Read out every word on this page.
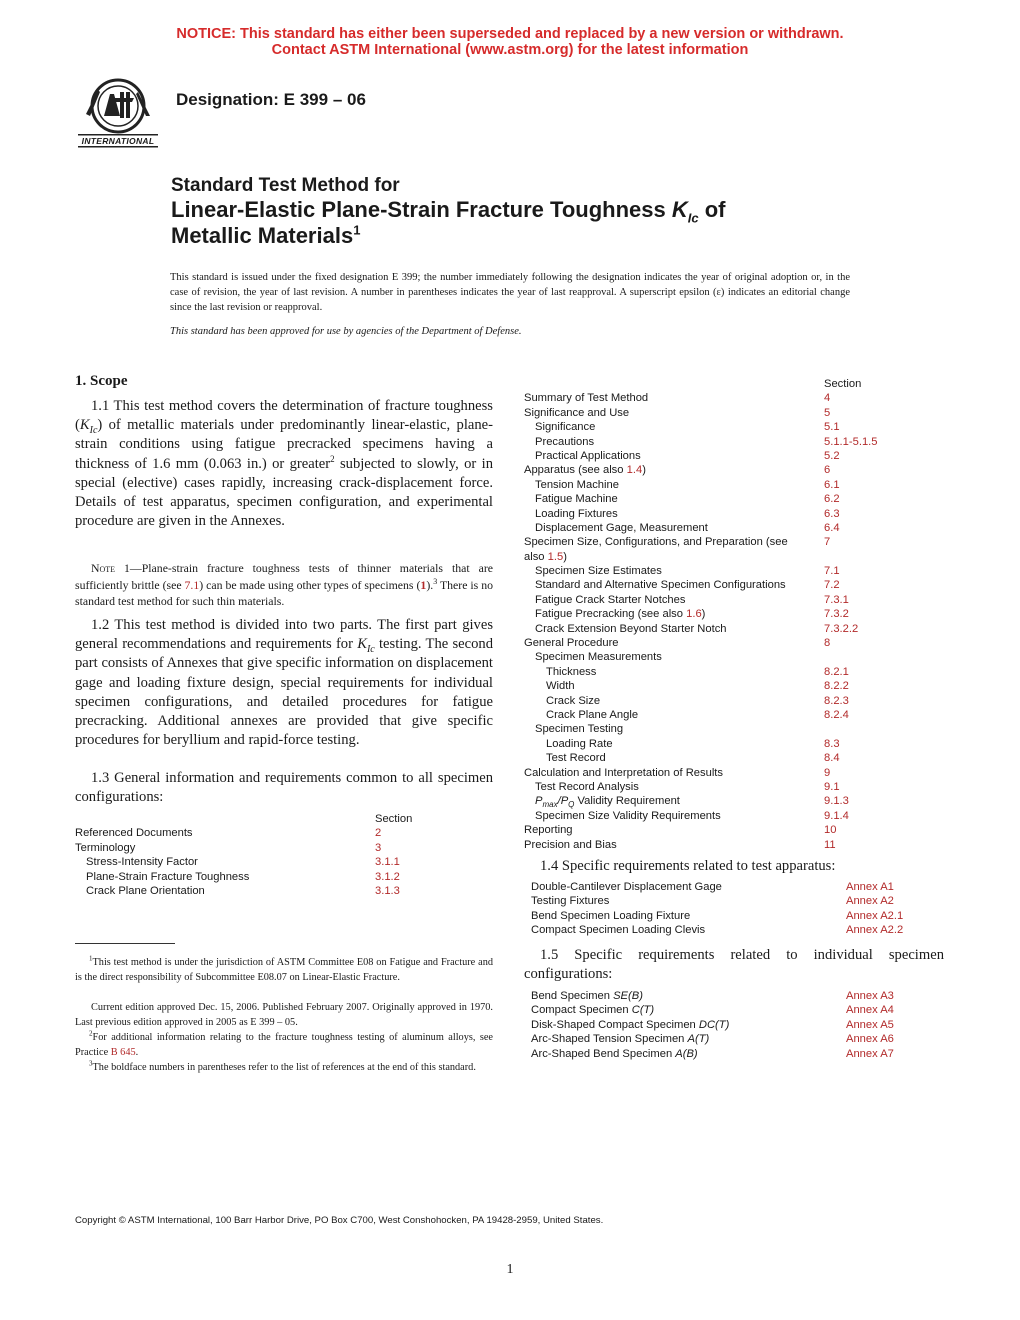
NOTICE: This standard has either been superseded and replaced by a new version or withdrawn.
Contact ASTM International (www.astm.org) for the latest information
INTERNATIONAL
Designation: E 399 – 06
Standard Test Method for
Linear-Elastic Plane-Strain Fracture Toughness $K_{Ic}$ of
Metallic Materials$^1$
This standard is issued under the fixed designation E 399; the number immediately following the designation indicates the year of original adoption or, in the case of revision, the year of last revision. A number in parentheses indicates the year of last reapproval. A superscript epsilon (ε) indicates an editorial change since the last revision or reapproval.
This standard has been approved for use by agencies of the Department of Defense.
1. Scope
1.1 This test method covers the determination of fracture toughness $(K_{Ic})$ of metallic materials under predominantly linear-elastic, plane-strain conditions using fatigue precracked specimens having a thickness of 1.6 mm (0.063 in.) or greater$^2$ subjected to slowly, or in special (elective) cases rapidly, increasing crack-displacement force. Details of test apparatus, specimen configuration, and experimental procedure are given in the Annexes.
Note 1—Plane-strain fracture toughness tests of thinner materials that are sufficiently brittle (see 7.1) can be made using other types of specimens (1).$^3$ There is no standard test method for such thin materials.
1.2 This test method is divided into two parts. The first part gives general recommendations and requirements for $K_{Ic}$ testing. The second part consists of Annexes that give specific information on displacement gage and loading fixture design, special requirements for individual specimen configurations, and detailed procedures for fatigue precracking. Additional annexes are provided that give specific procedures for beryllium and rapid-force testing.
1.3 General information and requirements common to all specimen configurations:
Section
Referenced Documents	2
Terminology	3
Stress-Intensity Factor	3.1.1
Plane-Strain Fracture Toughness	3.1.2
Crack Plane Orientation	3.1.3
$^1$This test method is under the jurisdiction of ASTM Committee E08 on Fatigue and Fracture and is the direct responsibility of Subcommittee E08.07 on Linear-Elastic Fracture.
Current edition approved Dec. 15, 2006. Published February 2007. Originally approved in 1970. Last previous edition approved in 2005 as E 399 – 05.
$^2$For additional information relating to the fracture toughness testing of aluminum alloys, see Practice B 645.
$^3$The boldface numbers in parentheses refer to the list of references at the end of this standard.
Section
Summary of Test Method	4
Significance and Use	5
Significance	5.1
Precautions	5.1.1-5.1.5
Practical Applications	5.2
Apparatus (see also 1.4)	6
Tension Machine	6.1
Fatigue Machine	6.2
Loading Fixtures	6.3
Displacement Gage, Measurement	6.4
Specimen Size, Configurations, and Preparation (see	7
also 1.5)
Specimen Size Estimates	7.1
Standard and Alternative Specimen Configurations	7.2
Fatigue Crack Starter Notches	7.3.1
Fatigue Precracking (see also 1.6)	7.3.2
Crack Extension Beyond Starter Notch	7.3.2.2
General Procedure	8
Specimen Measurements
Thickness	8.2.1
Width	8.2.2
Crack Size	8.2.3
Crack Plane Angle	8.2.4
Specimen Testing
Loading Rate	8.3
Test Record	8.4
Calculation and Interpretation of Results	9
Test Record Analysis	9.1
$P_{max}/P_Q$ Validity Requirement	9.1.3
Specimen Size Validity Requirements	9.1.4
Reporting	10
Precision and Bias	11
1.4 Specific requirements related to test apparatus:
Double-Cantilever Displacement Gage	Annex A1
Testing Fixtures	Annex A2
Bend Specimen Loading Fixture	Annex A2.1
Compact Specimen Loading Clevis	Annex A2.2
1.5 Specific requirements related to individual specimen configurations:
Bend Specimen SE(B)	Annex A3
Compact Specimen C(T)	Annex A4
Disk-Shaped Compact Specimen DC(T)	Annex A5
Arc-Shaped Tension Specimen A(T)	Annex A6
Arc-Shaped Bend Specimen A(B)	Annex A7
Copyright © ASTM International, 100 Barr Harbor Drive, PO Box C700, West Conshohocken, PA 19428-2959, United States.
1
